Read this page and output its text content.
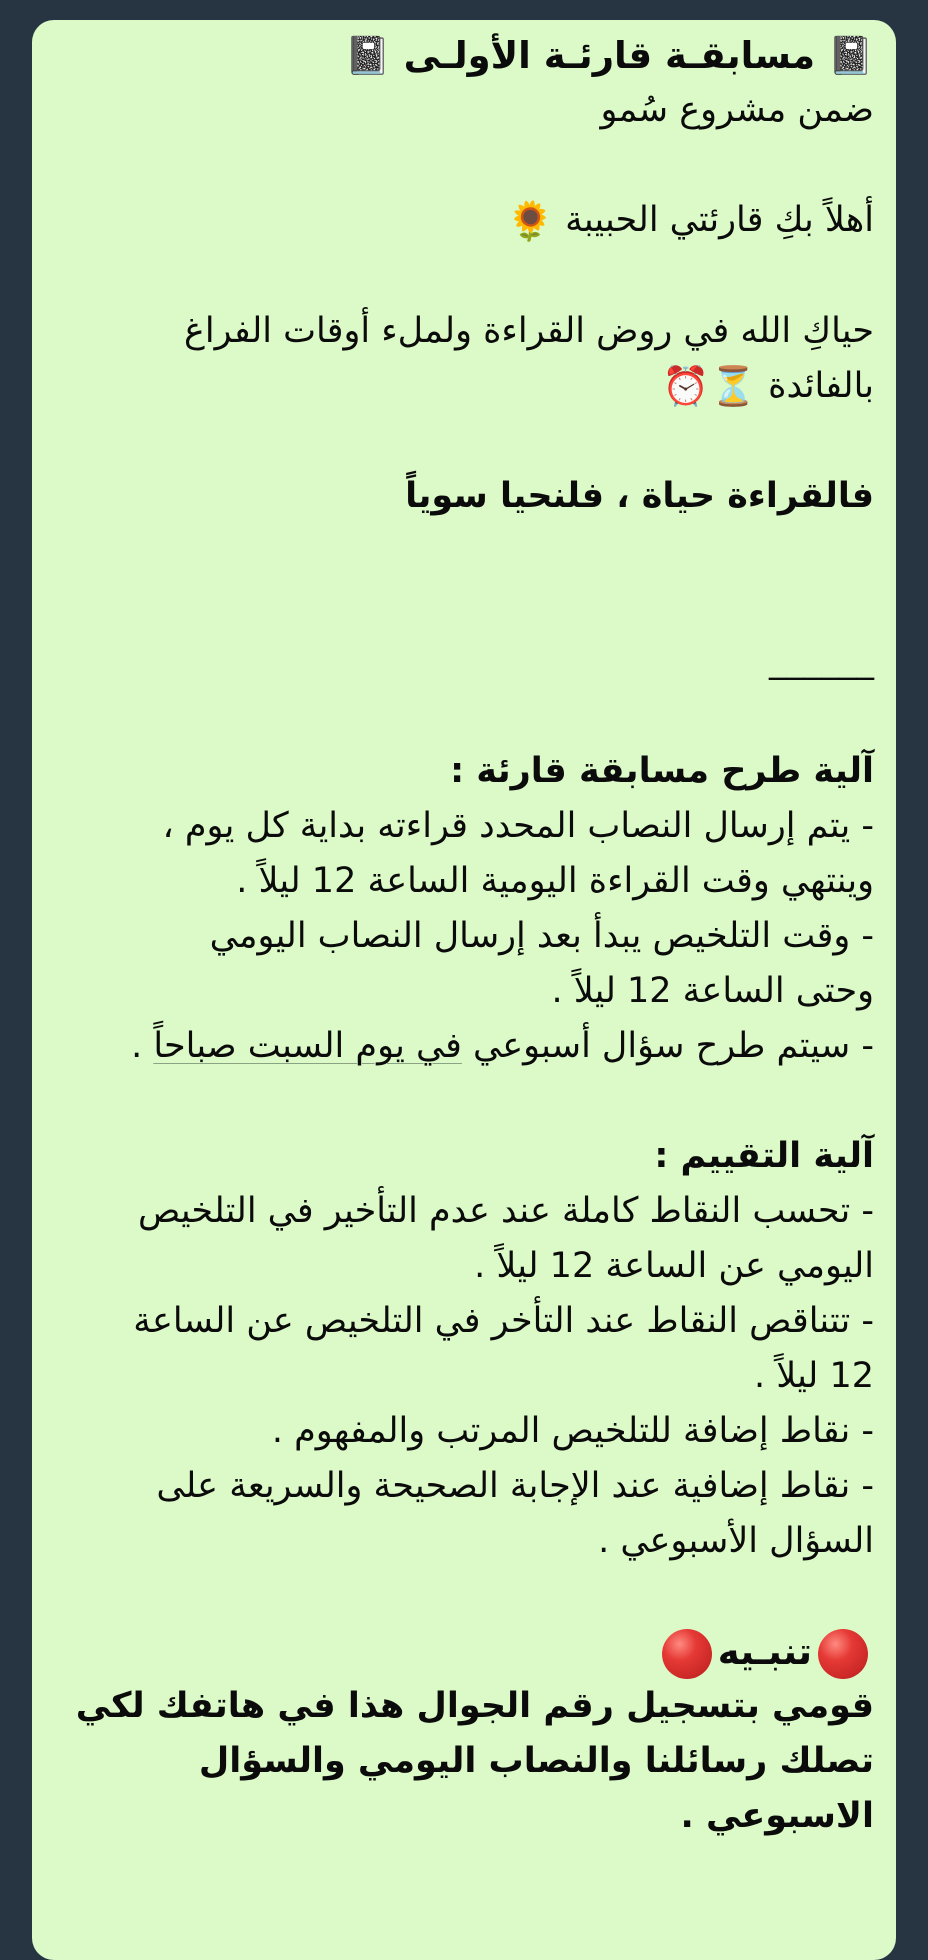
📓 مسابقـة قارئـة الأولـى 📓
ضمن مشروع سُمو
أهلاً بكِ قارئتي الحبيبة 🌻
حياكِ الله في روض القراءة ولملء أوقات الفراغ
بالفائدة ⏳⏰
فالقراءة حياة ، فلنحيا سوياً
______
آلية طرح مسابقة قارئة :
- يتم إرسال النصاب المحدد قراءته بداية كل يوم ،
وينتهي وقت القراءة اليومية الساعة 12 ليلاً .
- وقت التلخيص يبدأ بعد إرسال النصاب اليومي
وحتى الساعة 12 ليلاً .
- سيتم طرح سؤال أسبوعي في يوم السبت صباحاً .
آلية التقييم :
- تحسب النقاط كاملة عند عدم التأخير في التلخيص
اليومي عن الساعة 12 ليلاً .
- تتناقص النقاط عند التأخر في التلخيص عن الساعة
12 ليلاً .
- نقاط إضافة للتلخيص المرتب والمفهوم .
- نقاط إضافية عند الإجابة الصحيحة والسريعة على
السؤال الأسبوعي .
تنبـيه
قومي بتسجيل رقم الجوال هذا في هاتفك لكي
تصلك رسائلنا والنصاب اليومي والسؤال
الاسبوعي .
